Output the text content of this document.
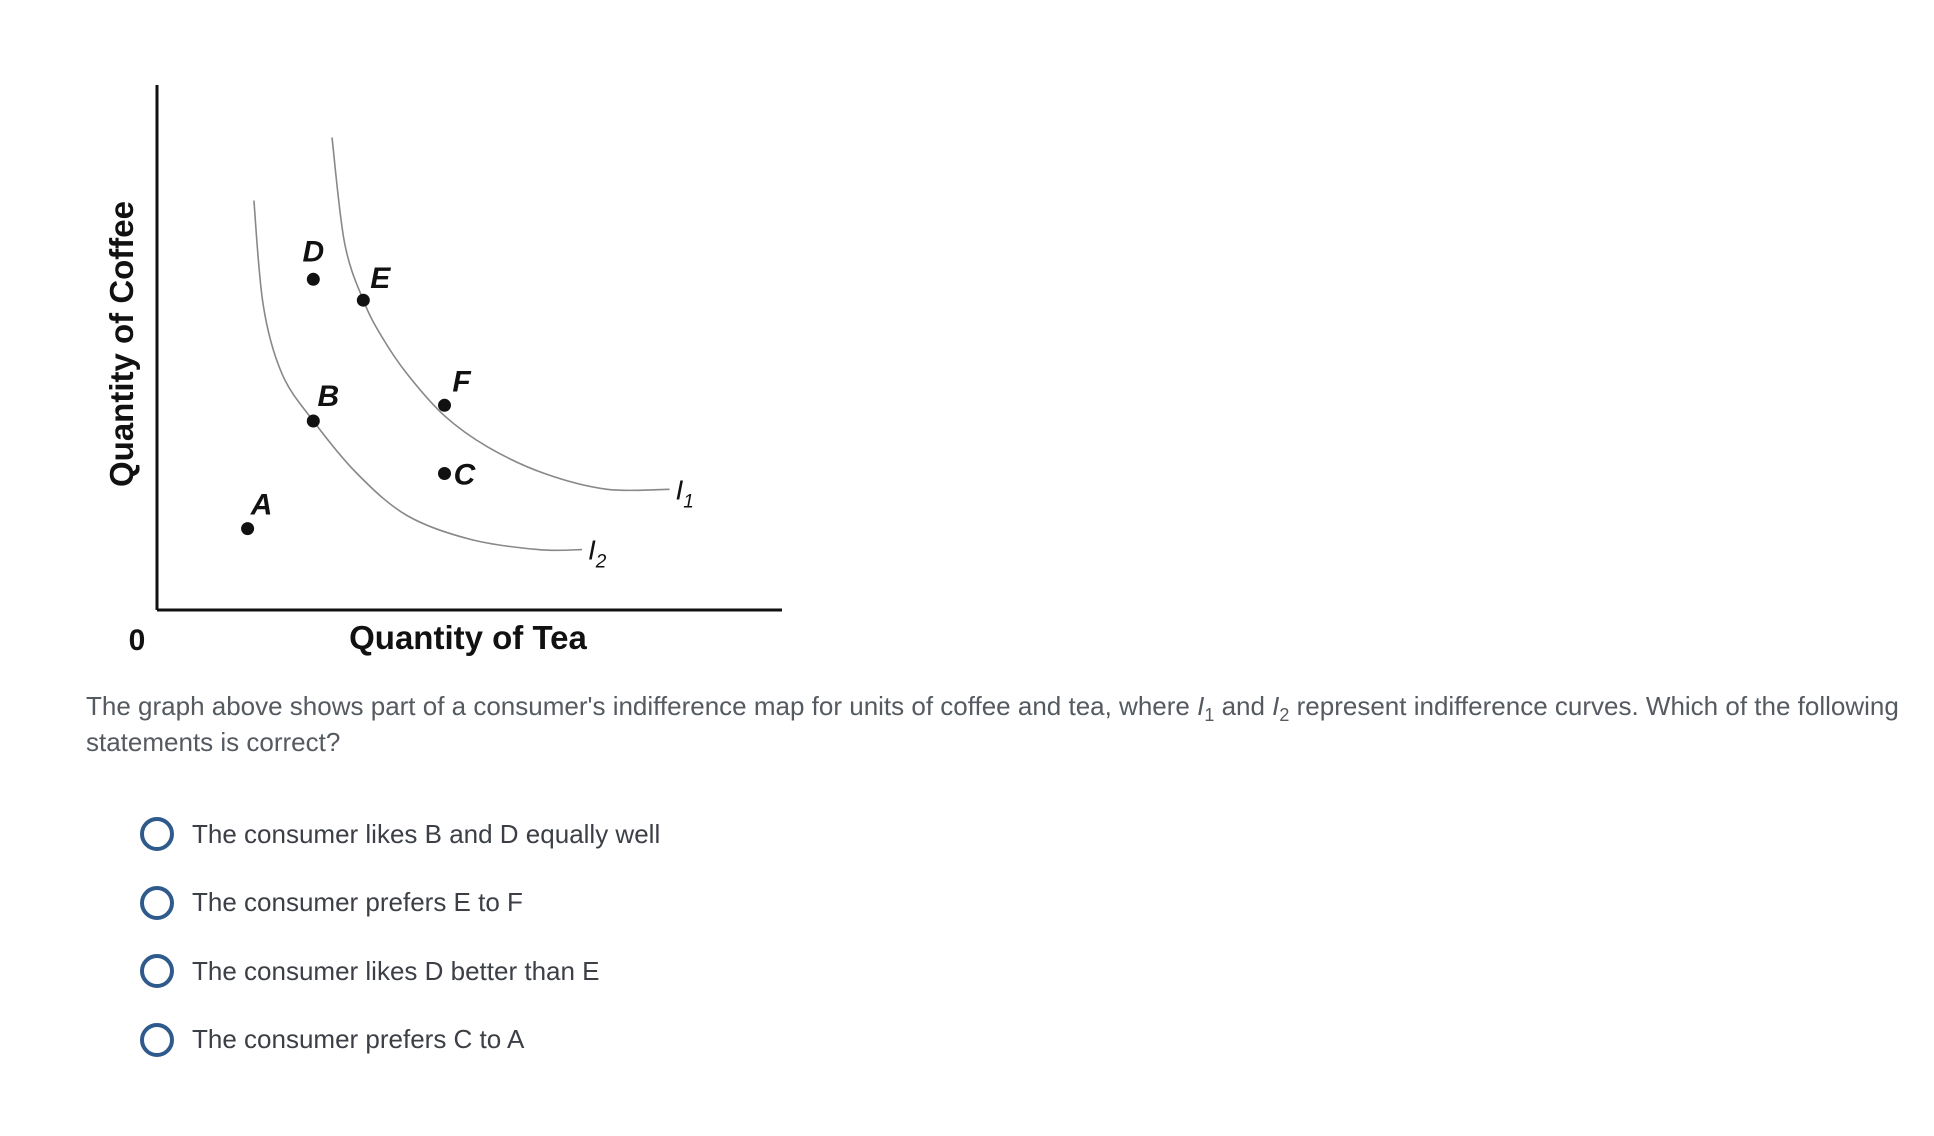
$I_1$
$I_2$
A
B
C
D
E
F
Quantity of Tea
Quantity of Coffee
0
The graph above shows part of a consumer's indifference map for units of coffee and tea, where $I_1$ and $I_2$ represent indifference curves. Which of the following statements is correct?
The consumer likes B and D equally well
The consumer prefers E to F
The consumer likes D better than E
The consumer prefers C to A
